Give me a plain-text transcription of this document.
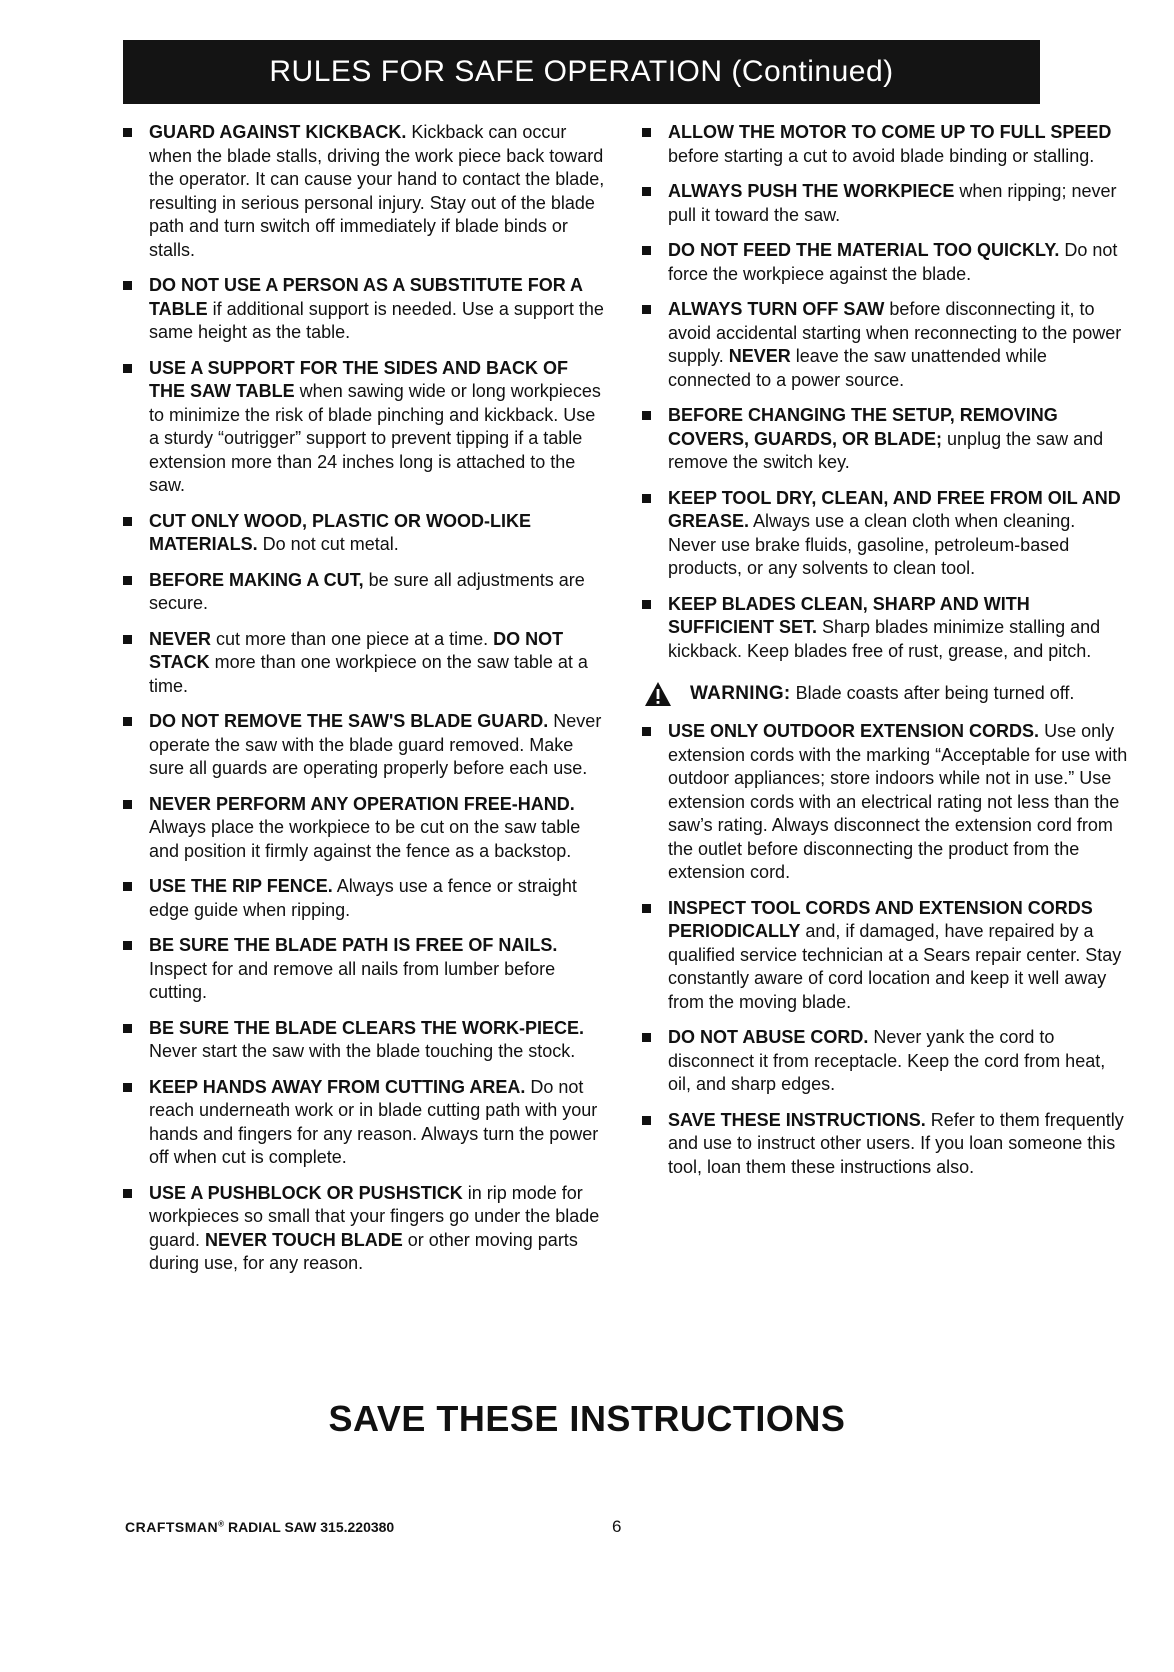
RULES FOR SAFE OPERATION (Continued)
GUARD AGAINST KICKBACK. Kickback can occur when the blade stalls, driving the work piece back toward the operator. It can cause your hand to contact the blade, resulting in serious personal injury. Stay out of the blade path and turn switch off immediately if blade binds or stalls.
DO NOT USE A PERSON AS A SUBSTITUTE FOR A TABLE if additional support is needed. Use a support the same height as the table.
USE A SUPPORT FOR THE SIDES AND BACK OF THE SAW TABLE when sawing wide or long workpieces to minimize the risk of blade pinching and kickback. Use a sturdy “outrigger” support to prevent tipping if a table extension more than 24 inches long is attached to the saw.
CUT ONLY WOOD, PLASTIC OR WOOD-LIKE MATERIALS. Do not cut metal.
BEFORE MAKING A CUT, be sure all adjustments are secure.
NEVER cut more than one piece at a time. DO NOT STACK more than one workpiece on the saw table at a time.
DO NOT REMOVE THE SAW'S BLADE GUARD. Never operate the saw with the blade guard removed. Make sure all guards are operating properly before each use.
NEVER PERFORM ANY OPERATION FREE-HAND. Always place the workpiece to be cut on the saw table and position it firmly against the fence as a backstop.
USE THE RIP FENCE. Always use a fence or straight edge guide when ripping.
BE SURE THE BLADE PATH IS FREE OF NAILS. Inspect for and remove all nails from lumber before cutting.
BE SURE THE BLADE CLEARS THE WORK-PIECE. Never start the saw with the blade touching the stock.
KEEP HANDS AWAY FROM CUTTING AREA. Do not reach underneath work or in blade cutting path with your hands and fingers for any reason. Always turn the power off when cut is complete.
USE A PUSHBLOCK OR PUSHSTICK in rip mode for workpieces so small that your fingers go under the blade guard. NEVER TOUCH BLADE or other moving parts during use, for any reason.
ALLOW THE MOTOR TO COME UP TO FULL SPEED before starting a cut to avoid blade binding or stalling.
ALWAYS PUSH THE WORKPIECE when ripping; never pull it toward the saw.
DO NOT FEED THE MATERIAL TOO QUICKLY. Do not force the workpiece against the blade.
ALWAYS TURN OFF SAW before disconnecting it, to avoid accidental starting when reconnecting to the power supply. NEVER leave the saw unattended while connected to a power source.
BEFORE CHANGING THE SETUP, REMOVING COVERS, GUARDS, OR BLADE; unplug the saw and remove the switch key.
KEEP TOOL DRY, CLEAN, AND FREE FROM OIL AND GREASE. Always use a clean cloth when cleaning. Never use brake fluids, gasoline, petroleum-based products, or any solvents to clean tool.
KEEP BLADES CLEAN, SHARP AND WITH SUFFICIENT SET. Sharp blades minimize stalling and kickback. Keep blades free of rust, grease, and pitch.
WARNING: Blade coasts after being turned off.
USE ONLY OUTDOOR EXTENSION CORDS. Use only extension cords with the marking “Acceptable for use with outdoor appliances; store indoors while not in use.” Use extension cords with an electrical rating not less than the saw’s rating. Always disconnect the extension cord from the outlet before disconnecting the product from the extension cord.
INSPECT TOOL CORDS AND EXTENSION CORDS PERIODICALLY and, if damaged, have repaired by a qualified service technician at a Sears repair center. Stay constantly aware of cord location and keep it well away from the moving blade.
DO NOT ABUSE CORD. Never yank the cord to disconnect it from receptacle. Keep the cord from heat, oil, and sharp edges.
SAVE THESE INSTRUCTIONS. Refer to them frequently and use to instruct other users. If you loan someone this tool, loan them these instructions also.
SAVE THESE INSTRUCTIONS
CRAFTSMAN® RADIAL SAW 315.220380	6
